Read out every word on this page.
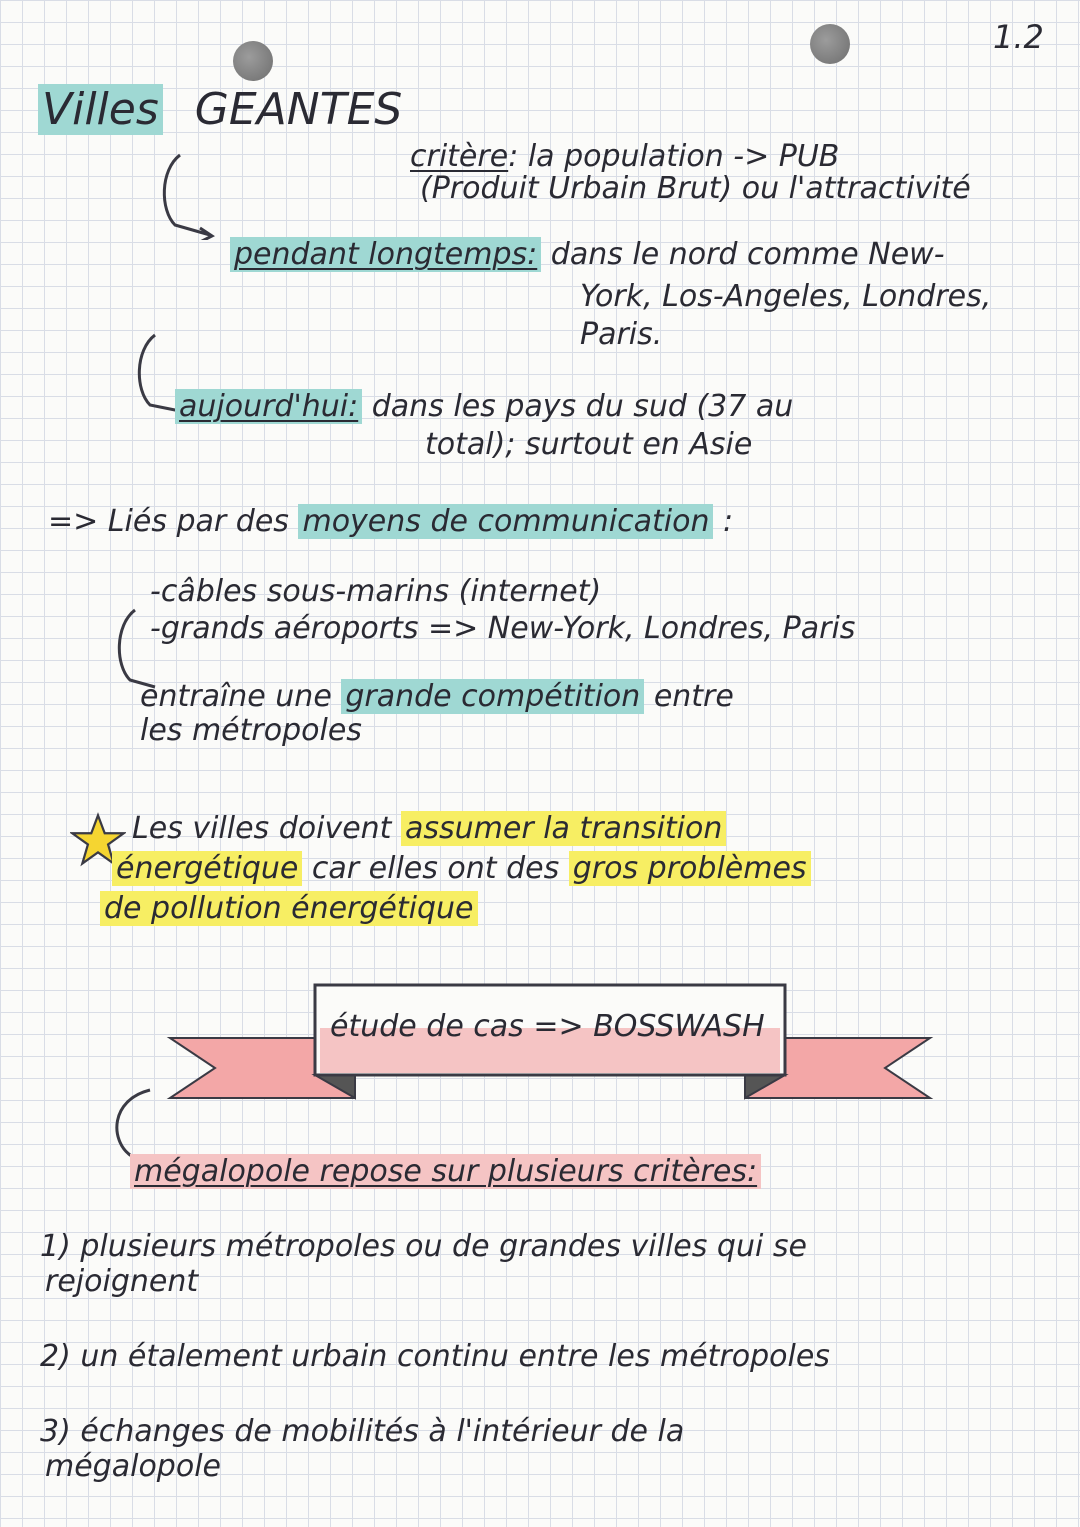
1.2
Villes GEANTES
critère: la population -> PUB
(Produit Urbain Brut) ou l'attractivité
pendant longtemps: dans le nord comme New-
York, Los-Angeles, Londres,
Paris.
aujourd'hui: dans les pays du sud (37 au
total); surtout en Asie
=> Liés par des moyens de communication :
-câbles sous-marins (internet)
-grands aéroports => New-York, Londres, Paris
entraîne une grande compétition entre
les métropoles
Les villes doivent assumer la transition
énergétique car elles ont des gros problèmes
de pollution énergétique
étude de cas => BOSSWASH
mégalopole repose sur plusieurs critères:
1) plusieurs métropoles ou de grandes villes qui se
rejoignent
2) un étalement urbain continu entre les métropoles
3) échanges de mobilités à l'intérieur de la
mégalopole
